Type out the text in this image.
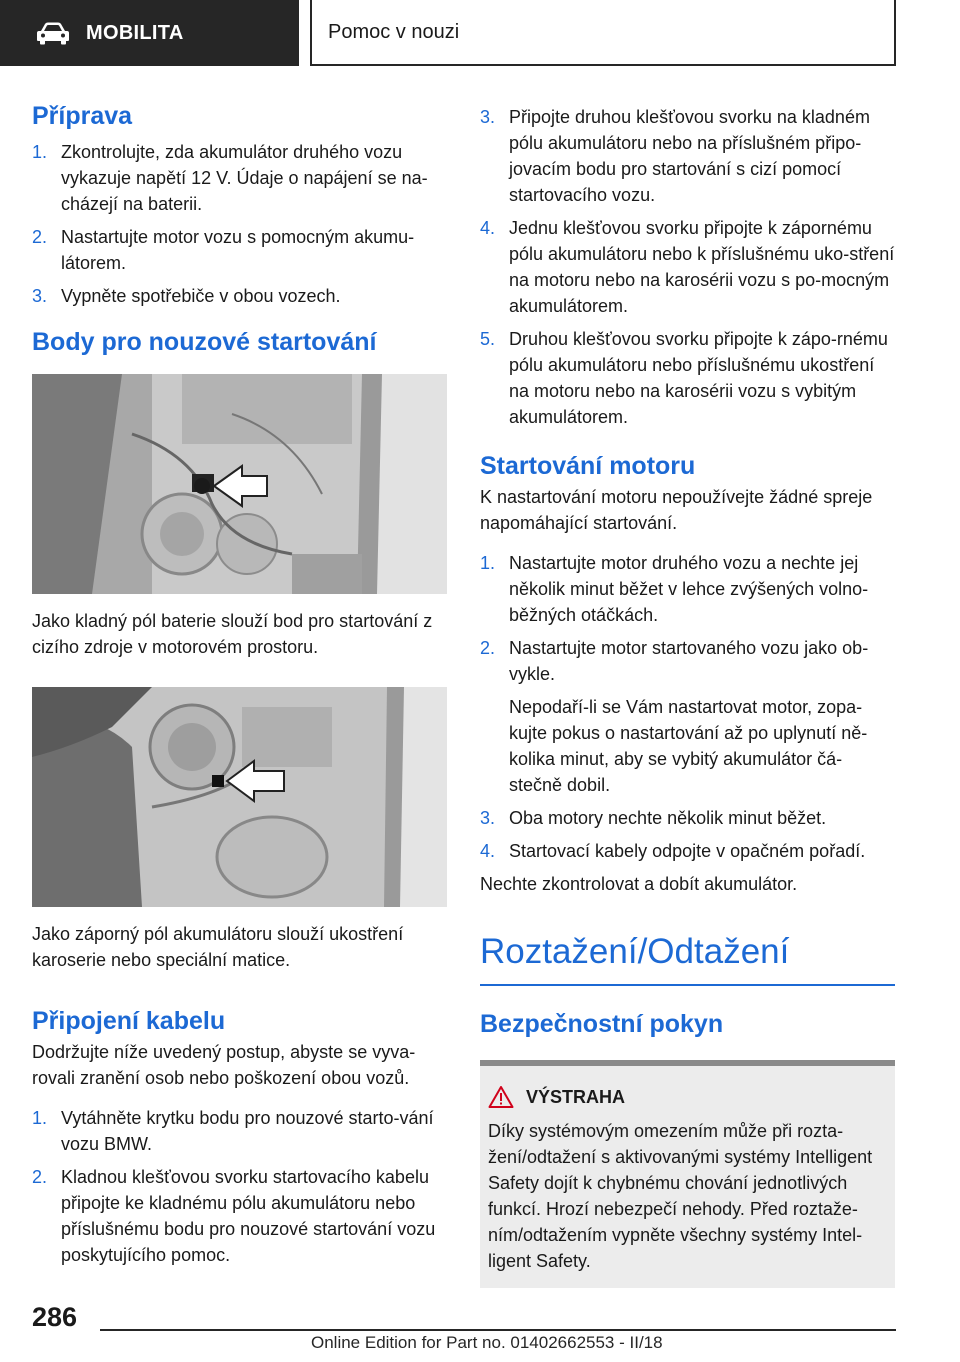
MOBILITA	Pomoc v nouzi
Příprava
1. Zkontrolujte, zda akumulátor druhého vozu vykazuje napětí 12 V. Údaje o napájení se na‐cházejí na baterii.
2. Nastartujte motor vozu s pomocným akumu‐látorem.
3. Vypněte spotřebiče v obou vozech.
Body pro nouzové startování

Jako kladný pól baterie slouží bod pro startování z cizího zdroje v motorovém prostoru.

Jako záporný pól akumulátoru slouží ukostření karoserie nebo speciální matice.

Připojení kabelu

Dodržujte níže uvedený postup, abyste se vyva‐rovali zranění osob nebo poškození obou vozů.

1. Vytáhněte krytku bodu pro nouzové starto‐vání vozu BMW.
2. Kladnou klešťovou svorku startovacího kabelu připojte ke kladnému pólu akumulátoru nebo příslušnému bodu pro nouzové startování vozu poskytujícího pomoc.
3. Připojte druhou klešťovou svorku na kladném pólu akumulátoru nebo na příslušném připo‐jovacím bodu pro startování s cizí pomocí startovacího vozu.
4. Jednu klešťovou svorku připojte k zápornému pólu akumulátoru nebo k příslušnému uko‐stření na motoru nebo na karosérii vozu s po‐mocným akumulátorem.
5. Druhou klešťovou svorku připojte k zápo‐rnému pólu akumulátoru nebo příslušnému ukostření na motoru nebo na karosérii vozu s vybitým akumulátorem.
Startování motoru

K nastartování motoru nepoužívejte žádné spreje napomáhající startování.

1. Nastartujte motor druhého vozu a nechte jej několik minut běžet v lehce zvýšených volno‐běžných otáčkách.
2. Nastartujte motor startovaného vozu jako ob‐vykle.
Nepodaří-li se Vám nastartovat motor, zopa‐kujte pokus o nastartování až po uplynutí ně‐kolika minut, aby se vybitý akumulátor čá‐stečně dobil.
3. Oba motory nechte několik minut běžet.
4. Startovací kabely odpojte v opačném pořadí.

Nechte zkontrolovat a dobít akumulátor.

Roztažení/Odtažení
Bezpečnostní pokyn
VÝSTRAHA

Díky systémovým omezením může při rozta‐žení/odtažení s aktivovanými systémy Intelligent Safety dojít k chybnému chování jednotlivých funkcí. Hrozí nebezpečí nehody. Před roztaže‐ním/odtažením vypněte všechny systémy Intel‐ligent Safety.

286
Online Edition for Part no. 01402662553 - II/18
